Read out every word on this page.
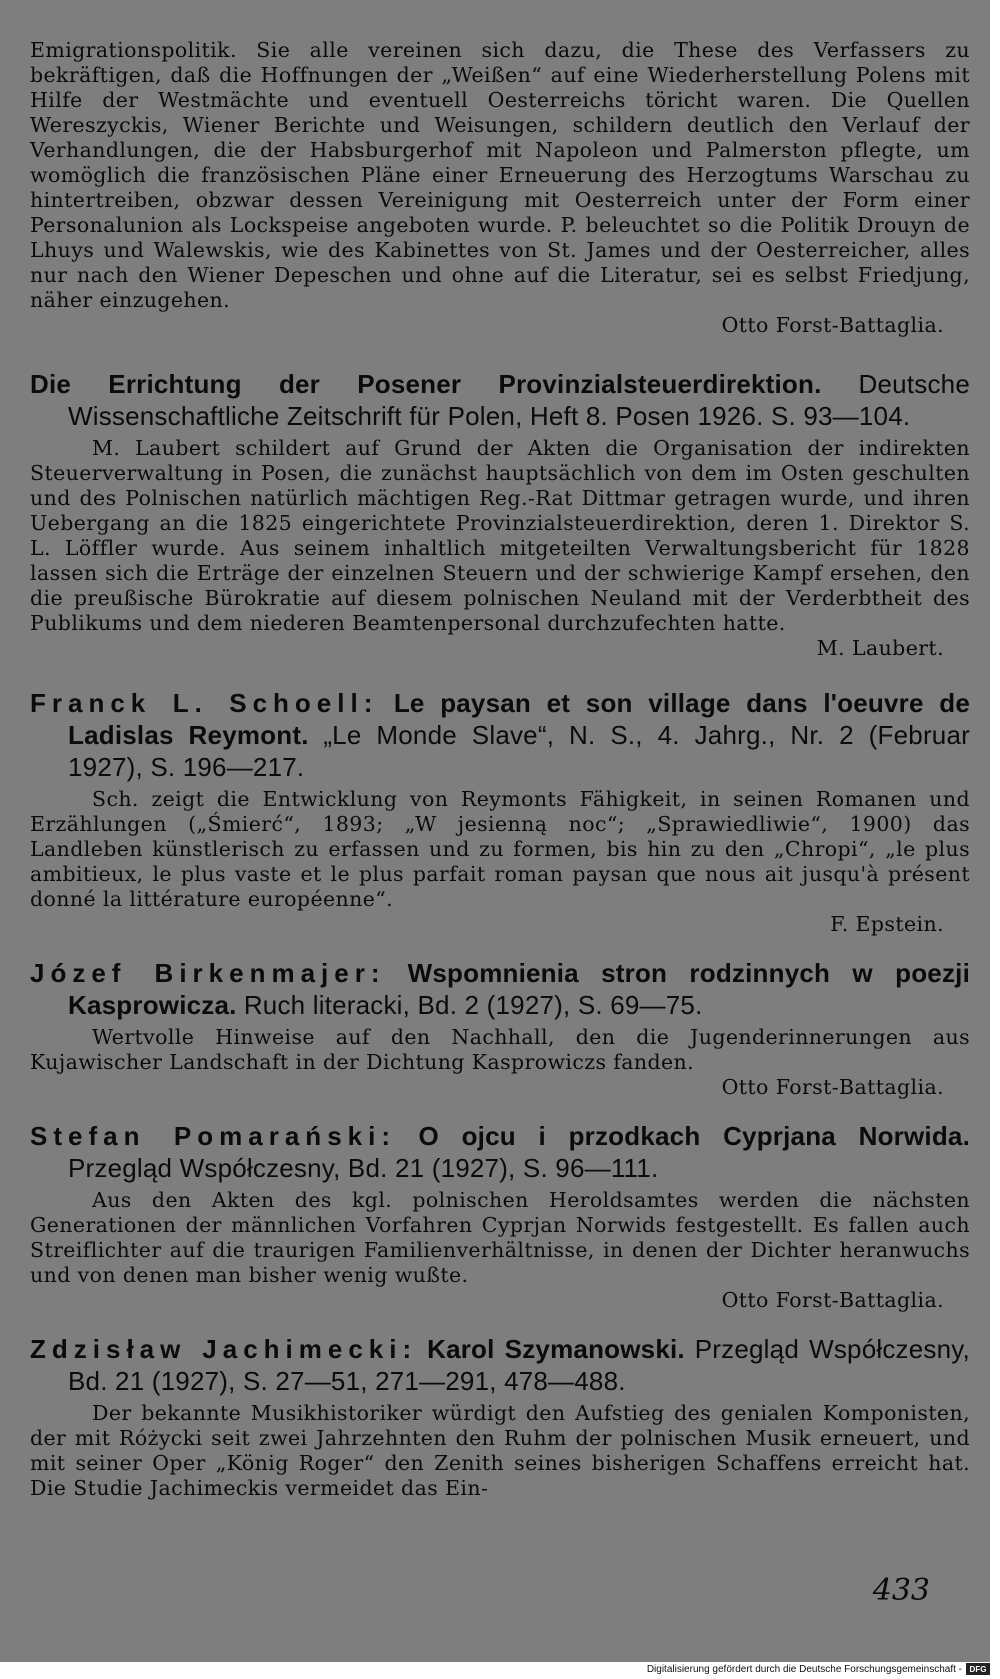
Emigrationspolitik. Sie alle vereinen sich dazu, die These des Verfassers zu bekräftigen, daß die Hoffnungen der „Weißen“ auf eine Wiederherstellung Polens mit Hilfe der Westmächte und eventuell Oesterreichs töricht waren. Die Quellen Wereszyckis, Wiener Berichte und Weisungen, schildern deutlich den Verlauf der Verhandlungen, die der Habsburgerhof mit Napoleon und Palmerston pflegte, um womöglich die französischen Pläne einer Erneuerung des Herzogtums Warschau zu hintertreiben, obzwar dessen Vereinigung mit Oesterreich unter der Form einer Personalunion als Lockspeise angeboten wurde. P. beleuchtet so die Politik Drouyn de Lhuys und Walewskis, wie des Kabinettes von St. James und der Oesterreicher, alles nur nach den Wiener Depeschen und ohne auf die Literatur, sei es selbst Friedjung, näher einzugehen.

Otto Forst-Battaglia.

Die Errichtung der Posener Provinzialsteuerdirektion. Deutsche Wissenschaftliche Zeitschrift für Polen, Heft 8. Posen 1926. S. 93—104.

M. Laubert schildert auf Grund der Akten die Organisation der indirekten Steuerverwaltung in Posen, die zunächst hauptsächlich von dem im Osten geschulten und des Polnischen natürlich mächtigen Reg.-Rat Dittmar getragen wurde, und ihren Uebergang an die 1825 eingerichtete Provinzialsteuerdirektion, deren 1. Direktor S. L. Löffler wurde. Aus seinem inhaltlich mitgeteilten Verwaltungsbericht für 1828 lassen sich die Erträge der einzelnen Steuern und der schwierige Kampf ersehen, den die preußische Bürokratie auf diesem polnischen Neuland mit der Verderbtheit des Publikums und dem niederen Beamtenpersonal durchzufechten hatte.

M. Laubert.

Franck L. Schoell: Le paysan et son village dans l'oeuvre de Ladislas Reymont. „Le Monde Slave“, N. S., 4. Jahrg., Nr. 2 (Februar 1927), S. 196—217.

Sch. zeigt die Entwicklung von Reymonts Fähigkeit, in seinen Romanen und Erzählungen („Śmierć“, 1893; „W jesienną noc“; „Sprawiedliwie“, 1900) das Landleben künstlerisch zu erfassen und zu formen, bis hin zu den „Chropi“, „le plus ambitieux, le plus vaste et le plus parfait roman paysan que nous ait jusqu'à présent donné la littérature européenne“.

F. Epstein.

Józef Birkenmajer: Wspomnienia stron rodzinnych w poezji Kasprowicza. Ruch literacki, Bd. 2 (1927), S. 69—75.

Wertvolle Hinweise auf den Nachhall, den die Jugenderinnerungen aus Kujawischer Landschaft in der Dichtung Kasprowiczs fanden.

Otto Forst-Battaglia.

Stefan Pomarański: O ojcu i przodkach Cyprjana Norwida. Przegląd Współczesny, Bd. 21 (1927), S. 96—111.

Aus den Akten des kgl. polnischen Heroldsamtes werden die nächsten Generationen der männlichen Vorfahren Cyprjan Norwids festgestellt. Es fallen auch Streiflichter auf die traurigen Familienverhältnisse, in denen der Dichter heranwuchs und von denen man bisher wenig wußte.

Otto Forst-Battaglia.

Zdzisław Jachimecki: Karol Szymanowski. Przegląd Współczesny, Bd. 21 (1927), S. 27—51, 271—291, 478—488.

Der bekannte Musikhistoriker würdigt den Aufstieg des genialen Komponisten, der mit Różycki seit zwei Jahrzehnten den Ruhm der polnischen Musik erneuert, und mit seiner Oper „König Roger“ den Zenith seines bisherigen Schaffens erreicht hat. Die Studie Jachimeckis vermeidet das Ein-

433
Digitalisierung gefördert durch die Deutsche Forschungsgemeinschaft - DFG
